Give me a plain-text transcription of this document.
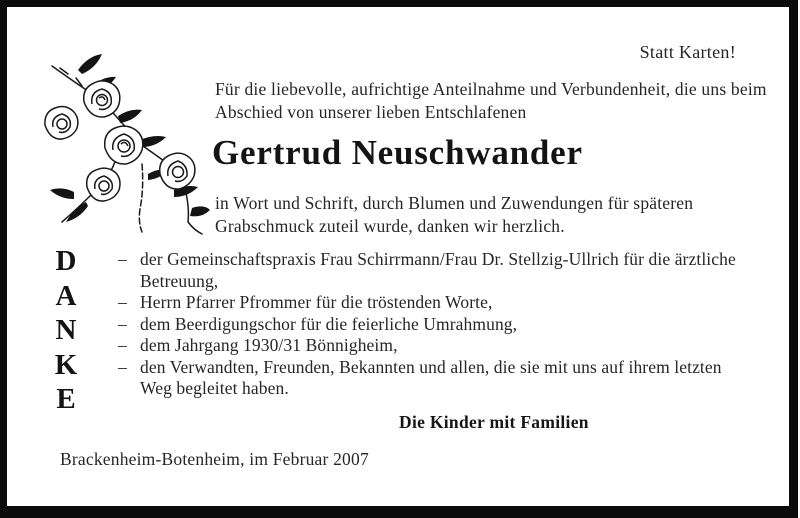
Statt Karten!
Für die liebevolle, aufrichtige Anteilnahme und Verbundenheit, die uns beim Abschied von unserer lieben Entschlafenen
Gertrud Neuschwander
in Wort und Schrift, durch Blumen und Zuwendungen für späteren Grabschmuck zuteil wurde, danken wir herzlich.
D
A
N
K
E
– der Gemeinschaftspraxis Frau Schirrmann/Frau Dr. Stellzig-Ullrich für die ärztliche Betreuung,
– Herrn Pfarrer Pfrommer für die tröstenden Worte,
– dem Beerdigungschor für die feierliche Umrahmung,
– dem Jahrgang 1930/31 Bönnigheim,
– den Verwandten, Freunden, Bekannten und allen, die sie mit uns auf ihrem letzten Weg begleitet haben.
Die Kinder mit Familien
Brackenheim-Botenheim, im Februar 2007
